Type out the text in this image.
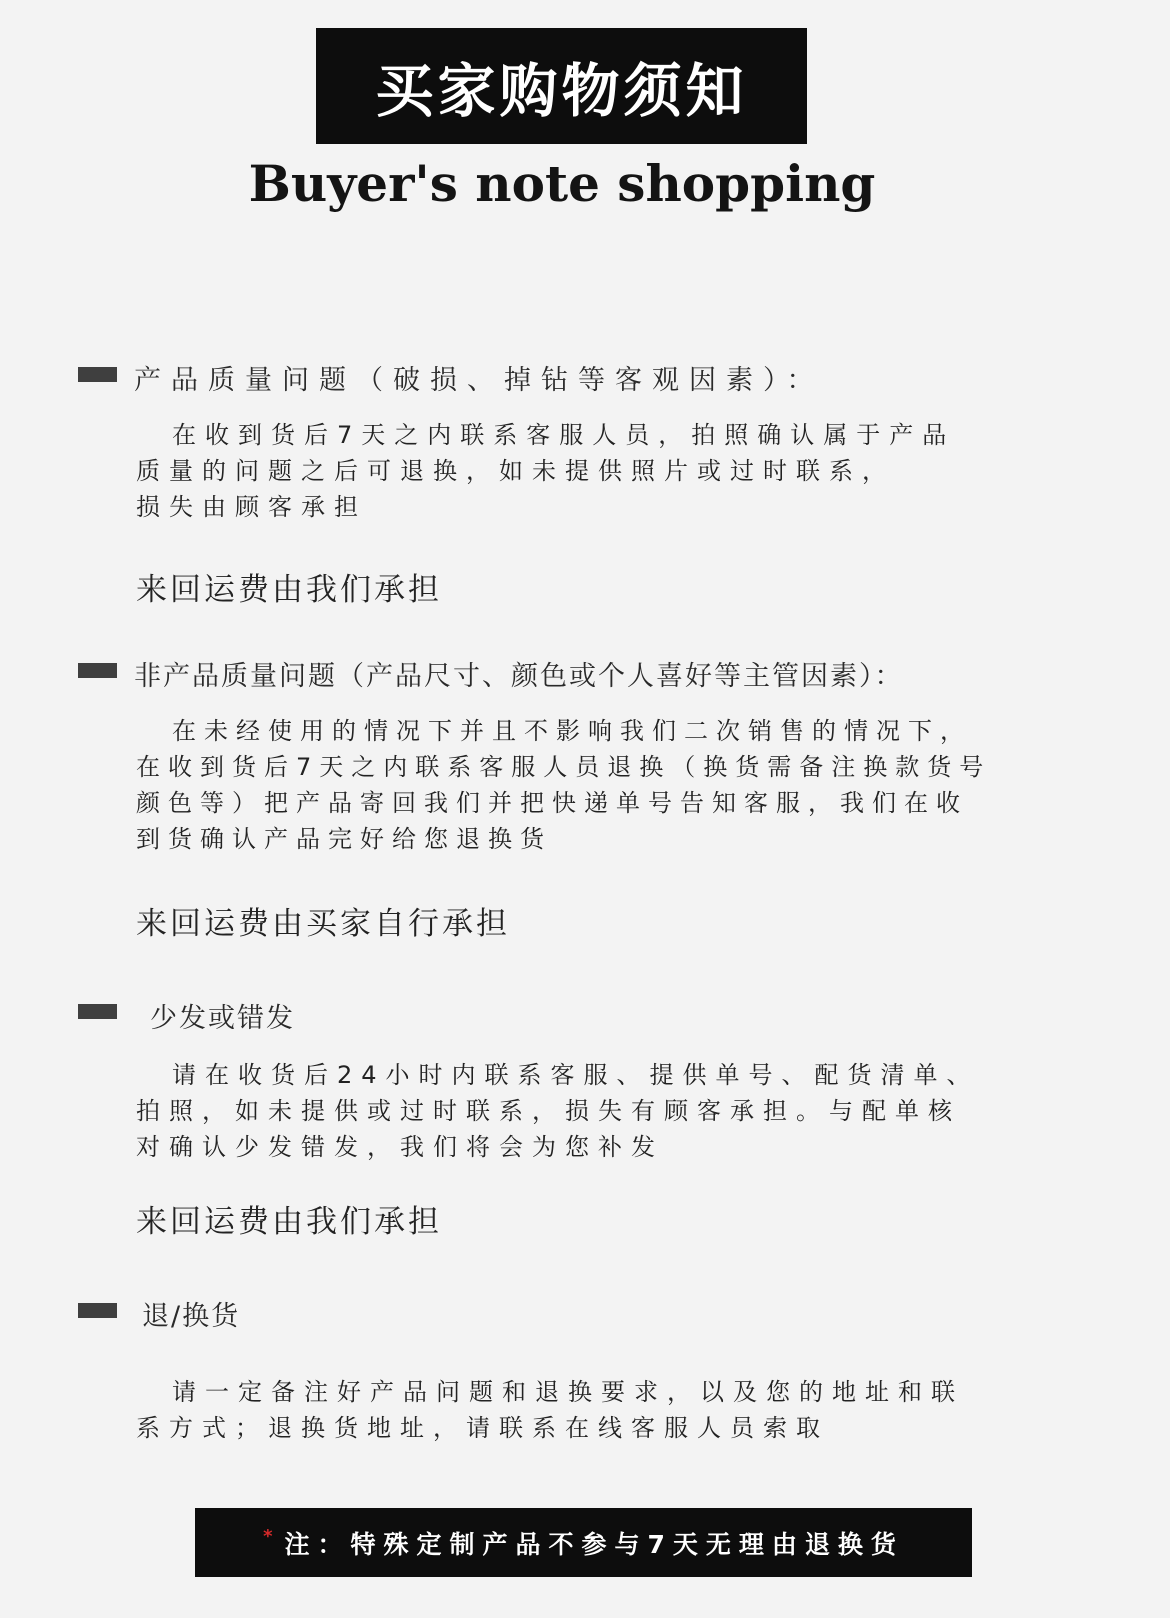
买家购物须知
Buyer's note shopping
产品质量问题（破损、掉钻等客观因素）：

在收到货后7天之内联系客服人员，拍照确认属于产品
质量的问题之后可退换，如未提供照片或过时联系，
损失由顾客承担

来回运费由我们承担
非产品质量问题（产品尺寸、颜色或个人喜好等主管因素）：

在未经使用的情况下并且不影响我们二次销售的情况下，
在收到货后7天之内联系客服人员退换（换货需备注换款货号
颜色等）把产品寄回我们并把快递单号告知客服，我们在收
到货确认产品完好给您退换货

来回运费由买家自行承担
少发或错发

请在收货后24小时内联系客服、提供单号、配货清单、
拍照，如未提供或过时联系，损失有顾客承担。与配单核
对确认少发错发，我们将会为您补发

来回运费由我们承担
退/换货

请一定备注好产品问题和退换要求，以及您的地址和联
系方式；退换货地址，请联系在线客服人员索取

* 注：特殊定制产品不参与7天无理由退换货
